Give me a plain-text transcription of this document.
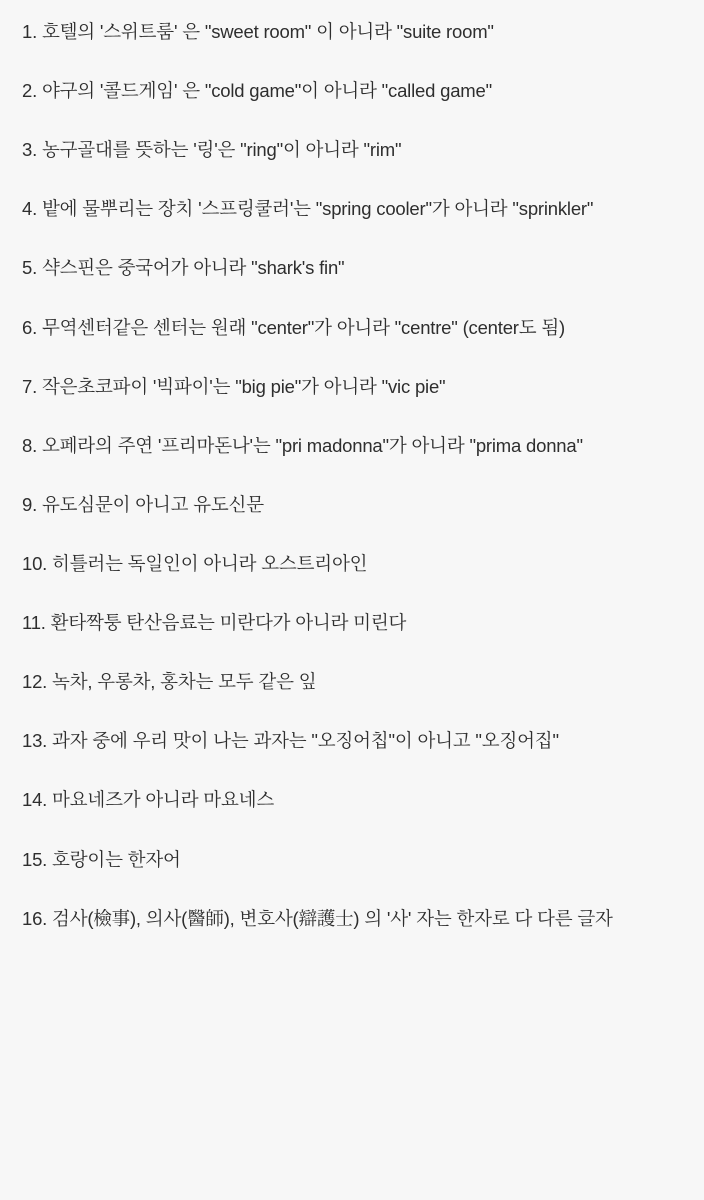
1. 호텔의 '스위트룸' 은 "sweet room" 이 아니라 "suite room"

2. 야구의 '콜드게임' 은 "cold game"이 아니라 "called game"

3. 농구골대를 뜻하는 '링'은 "ring"이 아니라 "rim"

4. 밭에 물뿌리는 장치 '스프링쿨러'는 "spring cooler"가 아니라 "sprinkler"

5. 샥스핀은 중국어가 아니라 "shark's fin"

6. 무역센터같은 센터는 원래 "center"가 아니라 "centre" (center도 됨)

7. 작은초코파이 '빅파이'는 "big pie"가 아니라 "vic pie"

8. 오페라의 주연 '프리마돈나'는 "pri madonna"가 아니라 "prima donna"

9. 유도심문이 아니고 유도신문

10. 히틀러는 독일인이 아니라 오스트리아인

11. 환타짝퉁 탄산음료는 미란다가 아니라 미린다

12. 녹차, 우롱차, 홍차는 모두 같은 잎

13. 과자 중에 우리 맛이 나는 과자는 "오징어칩"이 아니고 "오징어집"

14. 마요네즈가 아니라 마요네스

15. 호랑이는 한자어

16. 검사(檢事), 의사(醫師), 변호사(辯護士) 의 '사' 자는 한자로 다 다른 글자
